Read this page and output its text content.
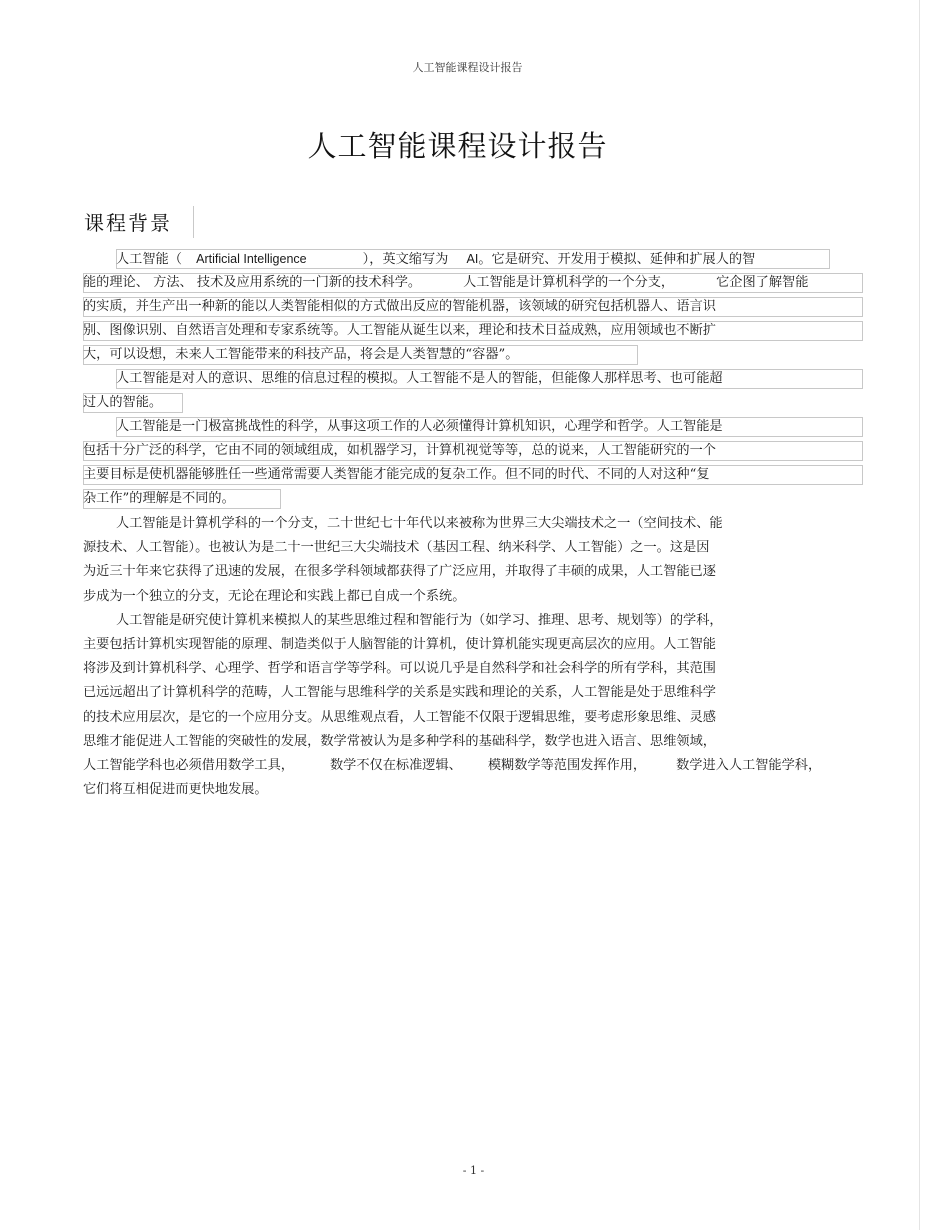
人工智能课程设计报告
人工智能课程设计报告
课程背景
人工智能（ Artificial Intelligence	），英文缩写为 AI。它是研究、开发用于模拟、延伸和扩展人的智
能的理论、 方法、 技术及应用系统的一门新的技术科学。	人工智能是计算机科学的一个分支，	它企图了解智能
的实质，并生产出一种新的能以人类智能相似的方式做出反应的智能机器，该领域的研究包括机器人、语言识
别、图像识别、自然语言处理和专家系统等。人工智能从诞生以来，理论和技术日益成熟，应用领域也不断扩
大，可以设想，未来人工智能带来的科技产品，将会是人类智慧的“容器”。
人工智能是对人的意识、思维的信息过程的模拟。人工智能不是人的智能，但能像人那样思考、也可能超
过人的智能。
人工智能是一门极富挑战性的科学，从事这项工作的人必须懂得计算机知识，心理学和哲学。人工智能是
包括十分广泛的科学，它由不同的领域组成，如机器学习，计算机视觉等等，总的说来，人工智能研究的一个
主要目标是使机器能够胜任一些通常需要人类智能才能完成的复杂工作。但不同的时代、不同的人对这种“复
杂工作”的理解是不同的。
人工智能是计算机学科的一个分支，二十世纪七十年代以来被称为世界三大尖端技术之一（空间技术、能
源技术、人工智能）。也被认为是二十一世纪三大尖端技术（基因工程、纳米科学、人工智能）之一。这是因
为近三十年来它获得了迅速的发展，在很多学科领域都获得了广泛应用，并取得了丰硕的成果，人工智能已逐
步成为一个独立的分支，无论在理论和实践上都已自成一个系统。
人工智能是研究使计算机来模拟人的某些思维过程和智能行为（如学习、推理、思考、规划等）的学科，
主要包括计算机实现智能的原理、制造类似于人脑智能的计算机，使计算机能实现更高层次的应用。人工智能
将涉及到计算机科学、心理学、哲学和语言学等学科。可以说几乎是自然科学和社会科学的所有学科，其范围
已远远超出了计算机科学的范畴，人工智能与思维科学的关系是实践和理论的关系，人工智能是处于思维科学
的技术应用层次，是它的一个应用分支。从思维观点看，人工智能不仅限于逻辑思维，要考虑形象思维、灵感
思维才能促进人工智能的突破性的发展，数学常被认为是多种学科的基础科学，数学也进入语言、思维领域，
人工智能学科也必须借用数学工具，	数学不仅在标准逻辑、 模糊数学等范围发挥作用， 数学进入人工智能学科，
它们将互相促进而更快地发展。
- 1 -
